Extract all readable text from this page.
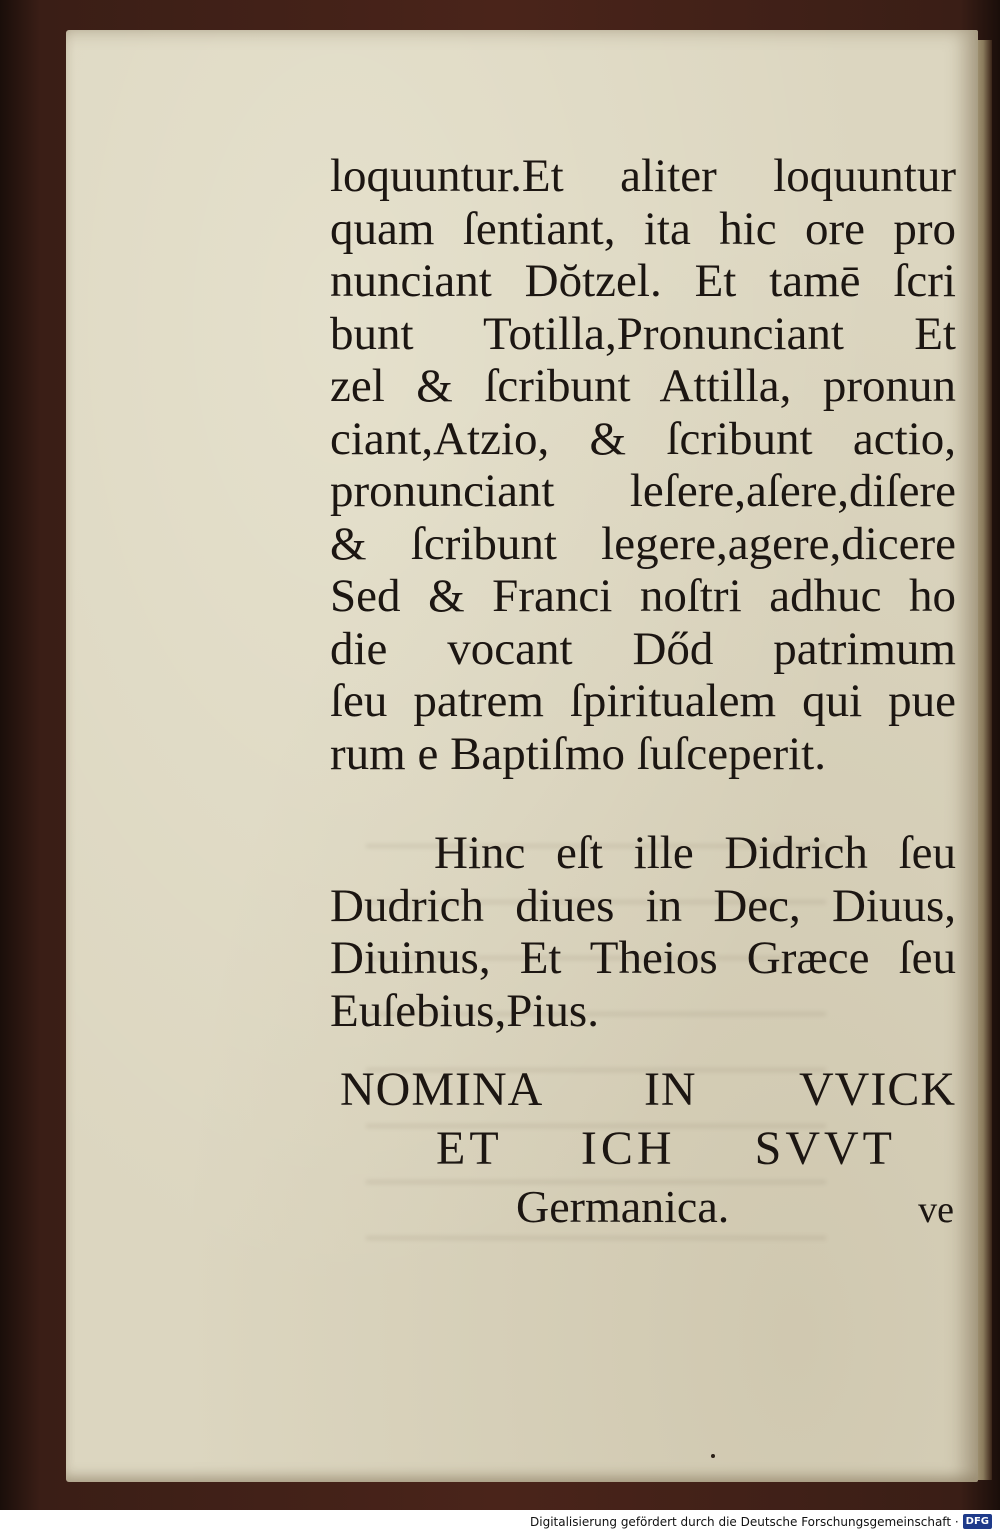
loquuntur.Et aliter loquuntur
quam ſentiant, ita hic ore pro
nunciant Dŏtzel. Et tamē ſcri
bunt Totilla,Pronunciant Et
zel & ſcribunt Attilla, pronun
ciant,Atzio, & ſcribunt actio,
pronunciant leſere,aſere,diſere
& ſcribunt legere,agere,dicere
Sed & Franci noſtri adhuc ho
die vocant Dőd patrimum
ſeu patrem ſpiritualem qui pue
rum e Baptiſmo ſuſceperit.
Hinc eſt ille Didrich ſeu
Dudrich diues in Dec, Diuus,
Diuinus, Et Theios Græce ſeu
Euſebius,Pius.
NOMINA IN VVICK
ET ICH SVVT
Germanica.	ve
Digitalisierung gefördert durch die Deutsche Forschungsgemeinschaft · DFG
